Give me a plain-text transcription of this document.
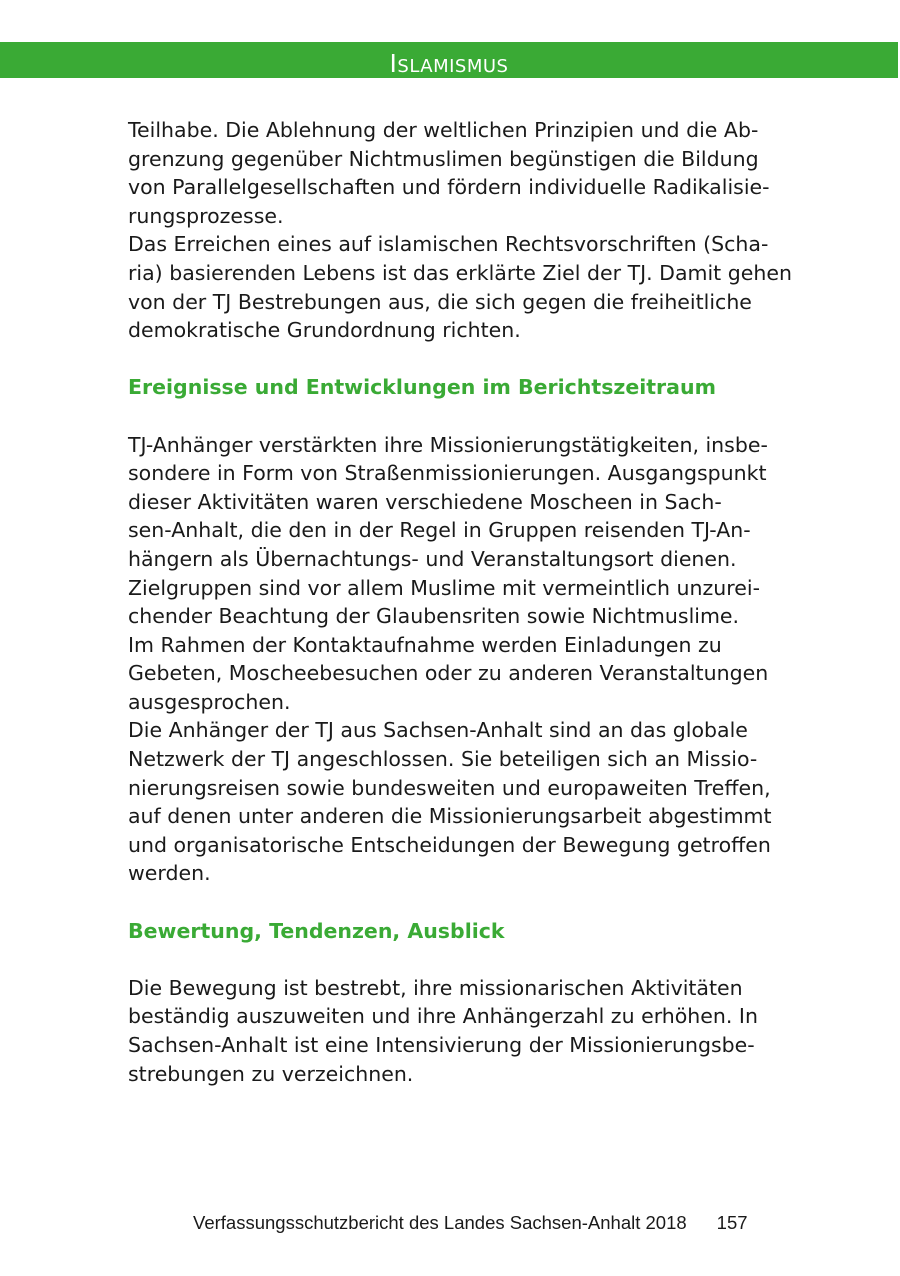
Islamismus

Teilhabe. Die Ablehnung der weltlichen Prinzipien und die Ab-
grenzung gegenüber Nichtmuslimen begünstigen die Bildung
von Parallelgesellschaften und fördern individuelle Radikalisie-
rungsprozesse.
Das Erreichen eines auf islamischen Rechtsvorschriften (Scha-
ria) basierenden Lebens ist das erklärte Ziel der TJ. Damit gehen
von der TJ Bestrebungen aus, die sich gegen die freiheitliche
demokratische Grundordnung richten.

Ereignisse und Entwicklungen im Berichtszeitraum

TJ-Anhänger verstärkten ihre Missionierungstätigkeiten, insbe-
sondere in Form von Straßenmissionierungen. Ausgangspunkt
dieser Aktivitäten waren verschiedene Moscheen in Sach-
sen-Anhalt, die den in der Regel in Gruppen reisenden TJ-An-
hängern als Übernachtungs- und Veranstaltungsort dienen.
Zielgruppen sind vor allem Muslime mit vermeintlich unzurei-
chender Beachtung der Glaubensriten sowie Nichtmuslime.
Im Rahmen der Kontaktaufnahme werden Einladungen zu
Gebeten, Moscheebesuchen oder zu anderen Veranstaltungen
ausgesprochen.
Die Anhänger der TJ aus Sachsen-Anhalt sind an das globale
Netzwerk der TJ angeschlossen. Sie beteiligen sich an Missio-
nierungsreisen sowie bundesweiten und europaweiten Treffen,
auf denen unter anderen die Missionierungsarbeit abgestimmt
und organisatorische Entscheidungen der Bewegung getroffen
werden.

Bewertung, Tendenzen, Ausblick

Die Bewegung ist bestrebt, ihre missionarischen Aktivitäten
beständig auszuweiten und ihre Anhängerzahl zu erhöhen. In
Sachsen-Anhalt ist eine Intensivierung der Missionierungsbe-
strebungen zu verzeichnen.

Verfassungsschutzbericht des Landes Sachsen-Anhalt 2018 157
